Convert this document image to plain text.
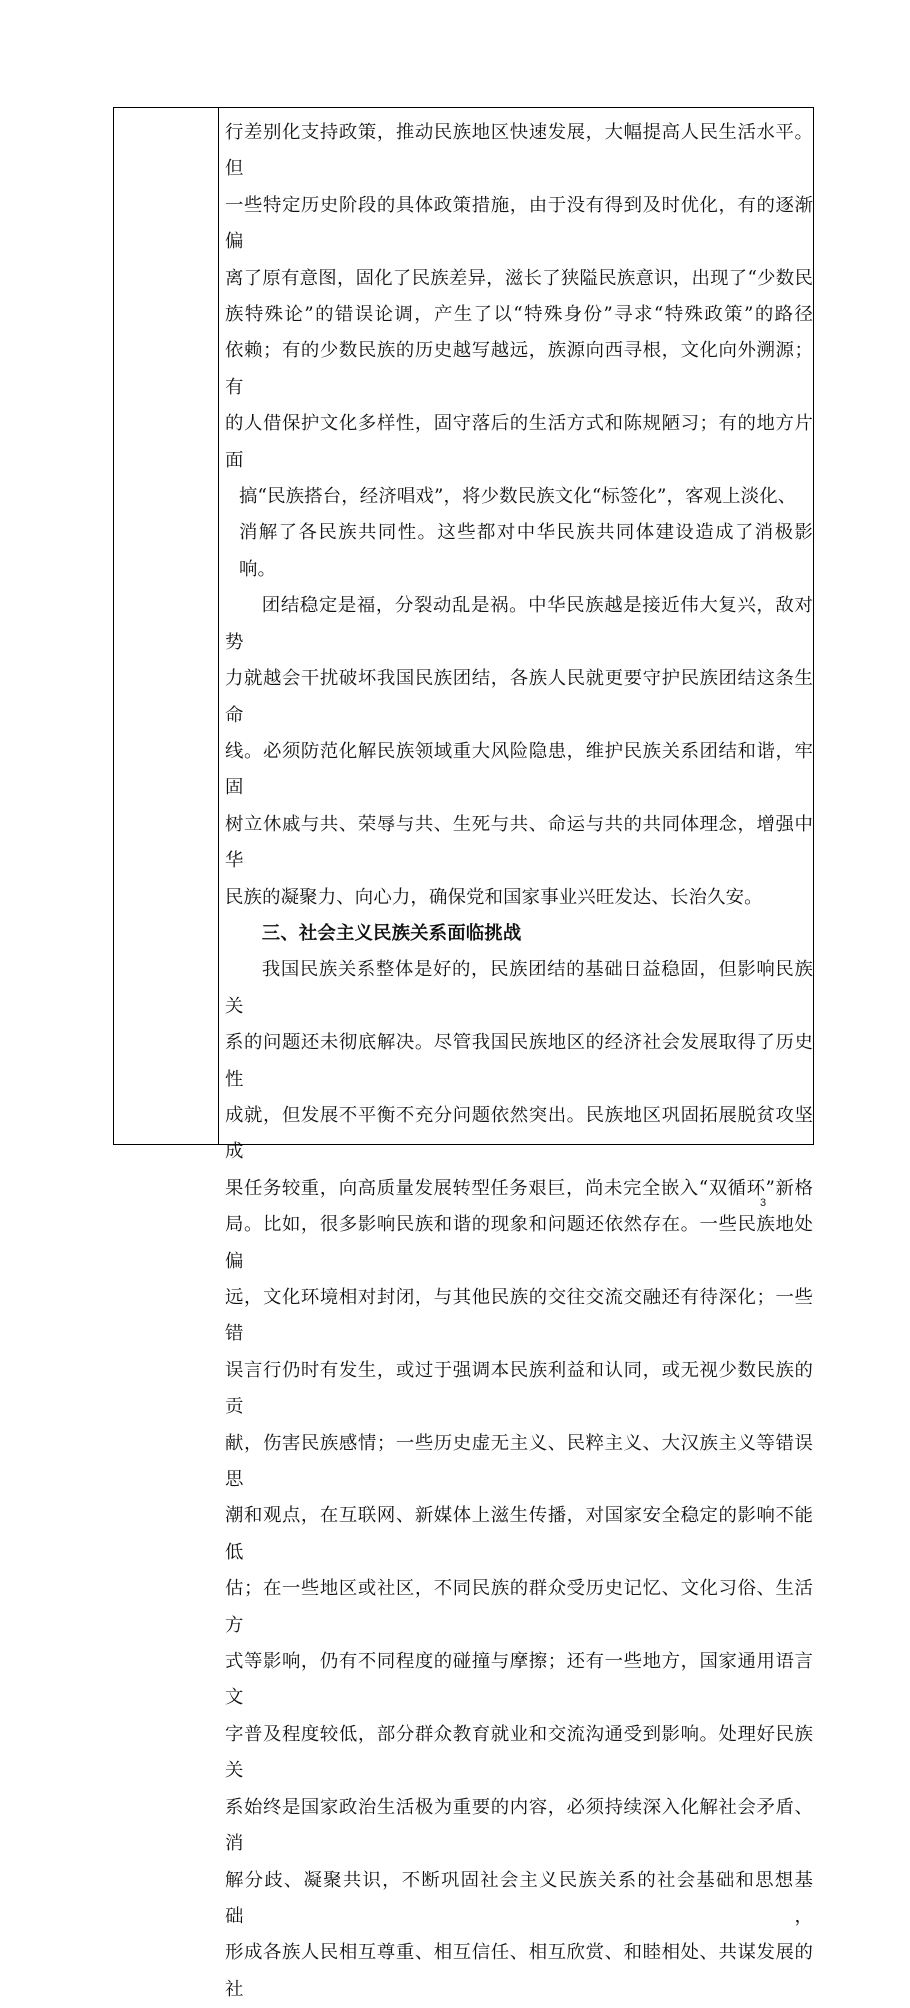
行差别化支持政策，推动民族地区快速发展，大幅提高人民生活水平。但

一些特定历史阶段的具体政策措施，由于没有得到及时优化，有的逐渐偏

离了原有意图，固化了民族差异，滋长了狭隘民族意识，出现了“少数民

族特殊论”的错误论调，产生了以“特殊身份”寻求“特殊政策”的路径

依赖；有的少数民族的历史越写越远，族源向西寻根，文化向外溯源；有

的人借保护文化多样性，固守落后的生活方式和陈规陋习；有的地方片面

搞“民族搭台，经济唱戏”，将少数民族文化“标签化”，客观上淡化、

消解了各民族共同性。这些都对中华民族共同体建设造成了消极影响。

团结稳定是福，分裂动乱是祸。中华民族越是接近伟大复兴，敌对势

力就越会干扰破坏我国民族团结，各族人民就更要守护民族团结这条生命

线。必须防范化解民族领域重大风险隐患，维护民族关系团结和谐，牢固

树立休戚与共、荣辱与共、生死与共、命运与共的共同体理念，增强中华

民族的凝聚力、向心力，确保党和国家事业兴旺发达、长治久安。

三、社会主义民族关系面临挑战

我国民族关系整体是好的，民族团结的基础日益稳固，但影响民族关

系的问题还未彻底解决。尽管我国民族地区的经济社会发展取得了历史性

成就，但发展不平衡不充分问题依然突出。民族地区巩固拓展脱贫攻坚成

果任务较重，向高质量发展转型任务艰巨，尚未完全嵌入“双循环”新格

局。比如，很多影响民族和谐的现象和问题还依然存在。一些民族地处偏

远，文化环境相对封闭，与其他民族的交往交流交融还有待深化；一些错

误言行仍时有发生，或过于强调本民族利益和认同，或无视少数民族的贡

献，伤害民族感情；一些历史虚无主义、民粹主义、大汉族主义等错误思

潮和观点，在互联网、新媒体上滋生传播，对国家安全稳定的影响不能低

估；在一些地区或社区，不同民族的群众受历史记忆、文化习俗、生活方

式等影响，仍有不同程度的碰撞与摩擦；还有一些地方，国家通用语言文

字普及程度较低，部分群众教育就业和交流沟通受到影响。处理好民族关

系始终是国家政治生活极为重要的内容，必须持续深入化解社会矛盾、消

解分歧、凝聚共识，不断巩固社会主义民族关系的社会基础和思想基础，

形成各族人民相互尊重、相互信任、相互欣赏、和睦相处、共谋发展的社

3
